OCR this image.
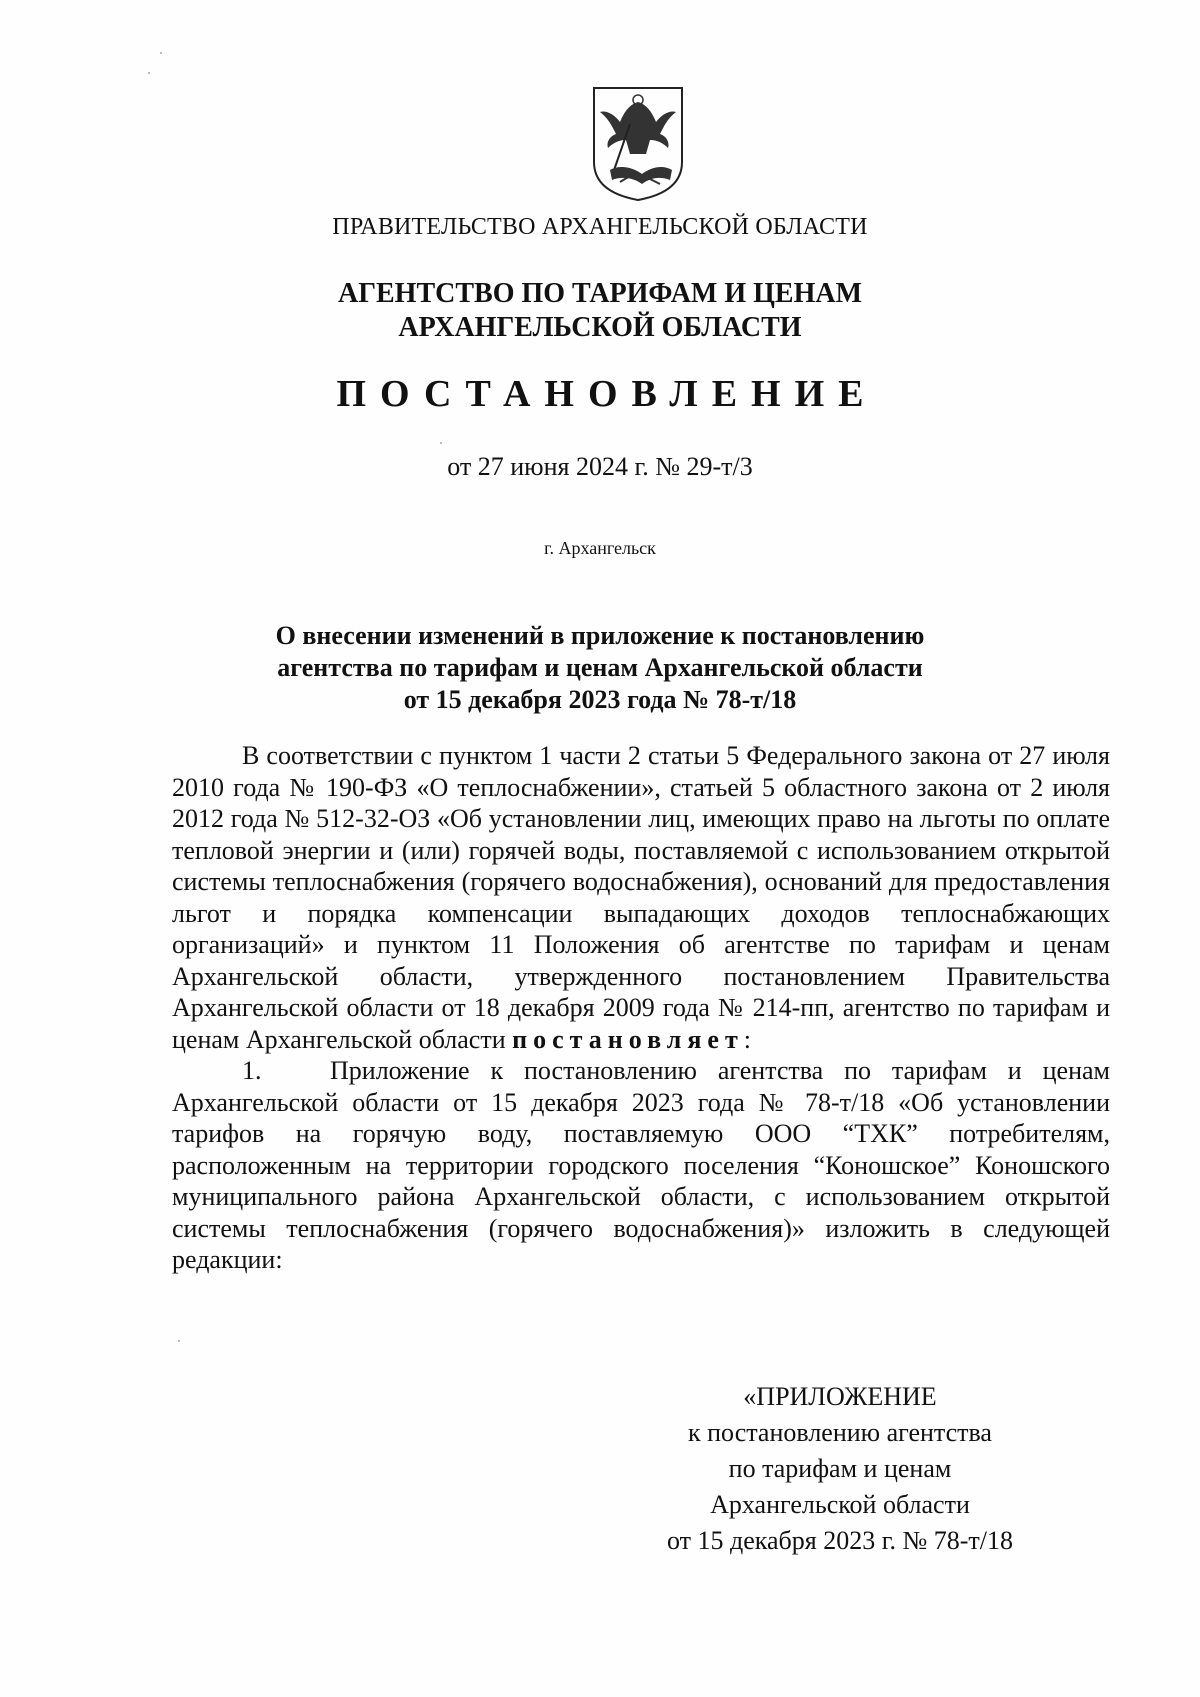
ПРАВИТЕЛЬСТВО АРХАНГЕЛЬСКОЙ ОБЛАСТИ
АГЕНТСТВО ПО ТАРИФАМ И ЦЕНАМ
АРХАНГЕЛЬСКОЙ ОБЛАСТИ
ПОСТАНОВЛЕНИЕ
от 27 июня 2024 г. № 29-т/3
г. Архангельск
О внесении изменений в приложение к постановлению
агентства по тарифам и ценам Архангельской области
от 15 декабря 2023 года № 78-т/18

В соответствии с пунктом 1 части 2 статьи 5 Федерального закона от 27 июля 2010 года № 190-ФЗ «О теплоснабжении», статьей 5 областного закона от 2 июля 2012 года № 512-32-ОЗ «Об установлении лиц, имеющих право на льготы по оплате тепловой энергии и (или) горячей воды, поставляемой с использованием открытой системы теплоснабжения (горячего водоснабжения), оснований для предоставления льгот и порядка компенсации выпадающих доходов теплоснабжающих организаций» и пунктом 11 Положения об агентстве по тарифам и ценам Архангельской области, утвержденного постановлением Правительства Архангельской области от 18 декабря 2009 года № 214-пп, агентство по тарифам и ценам Архангельской области постановляет:

1.	Приложение к постановлению агентства по тарифам и ценам Архангельской области от 15 декабря 2023 года № 78-т/18 «Об установлении тарифов на горячую воду, поставляемую ООО “ТХК” потребителям, расположенным на территории городского поселения “Коношское” Коношского муниципального района Архангельской области, с использованием открытой системы теплоснабжения (горячего водоснабжения)» изложить в следующей редакции:

«ПРИЛОЖЕНИЕ
к постановлению агентства
по тарифам и ценам
Архангельской области
от 15 декабря 2023 г. № 78-т/18
